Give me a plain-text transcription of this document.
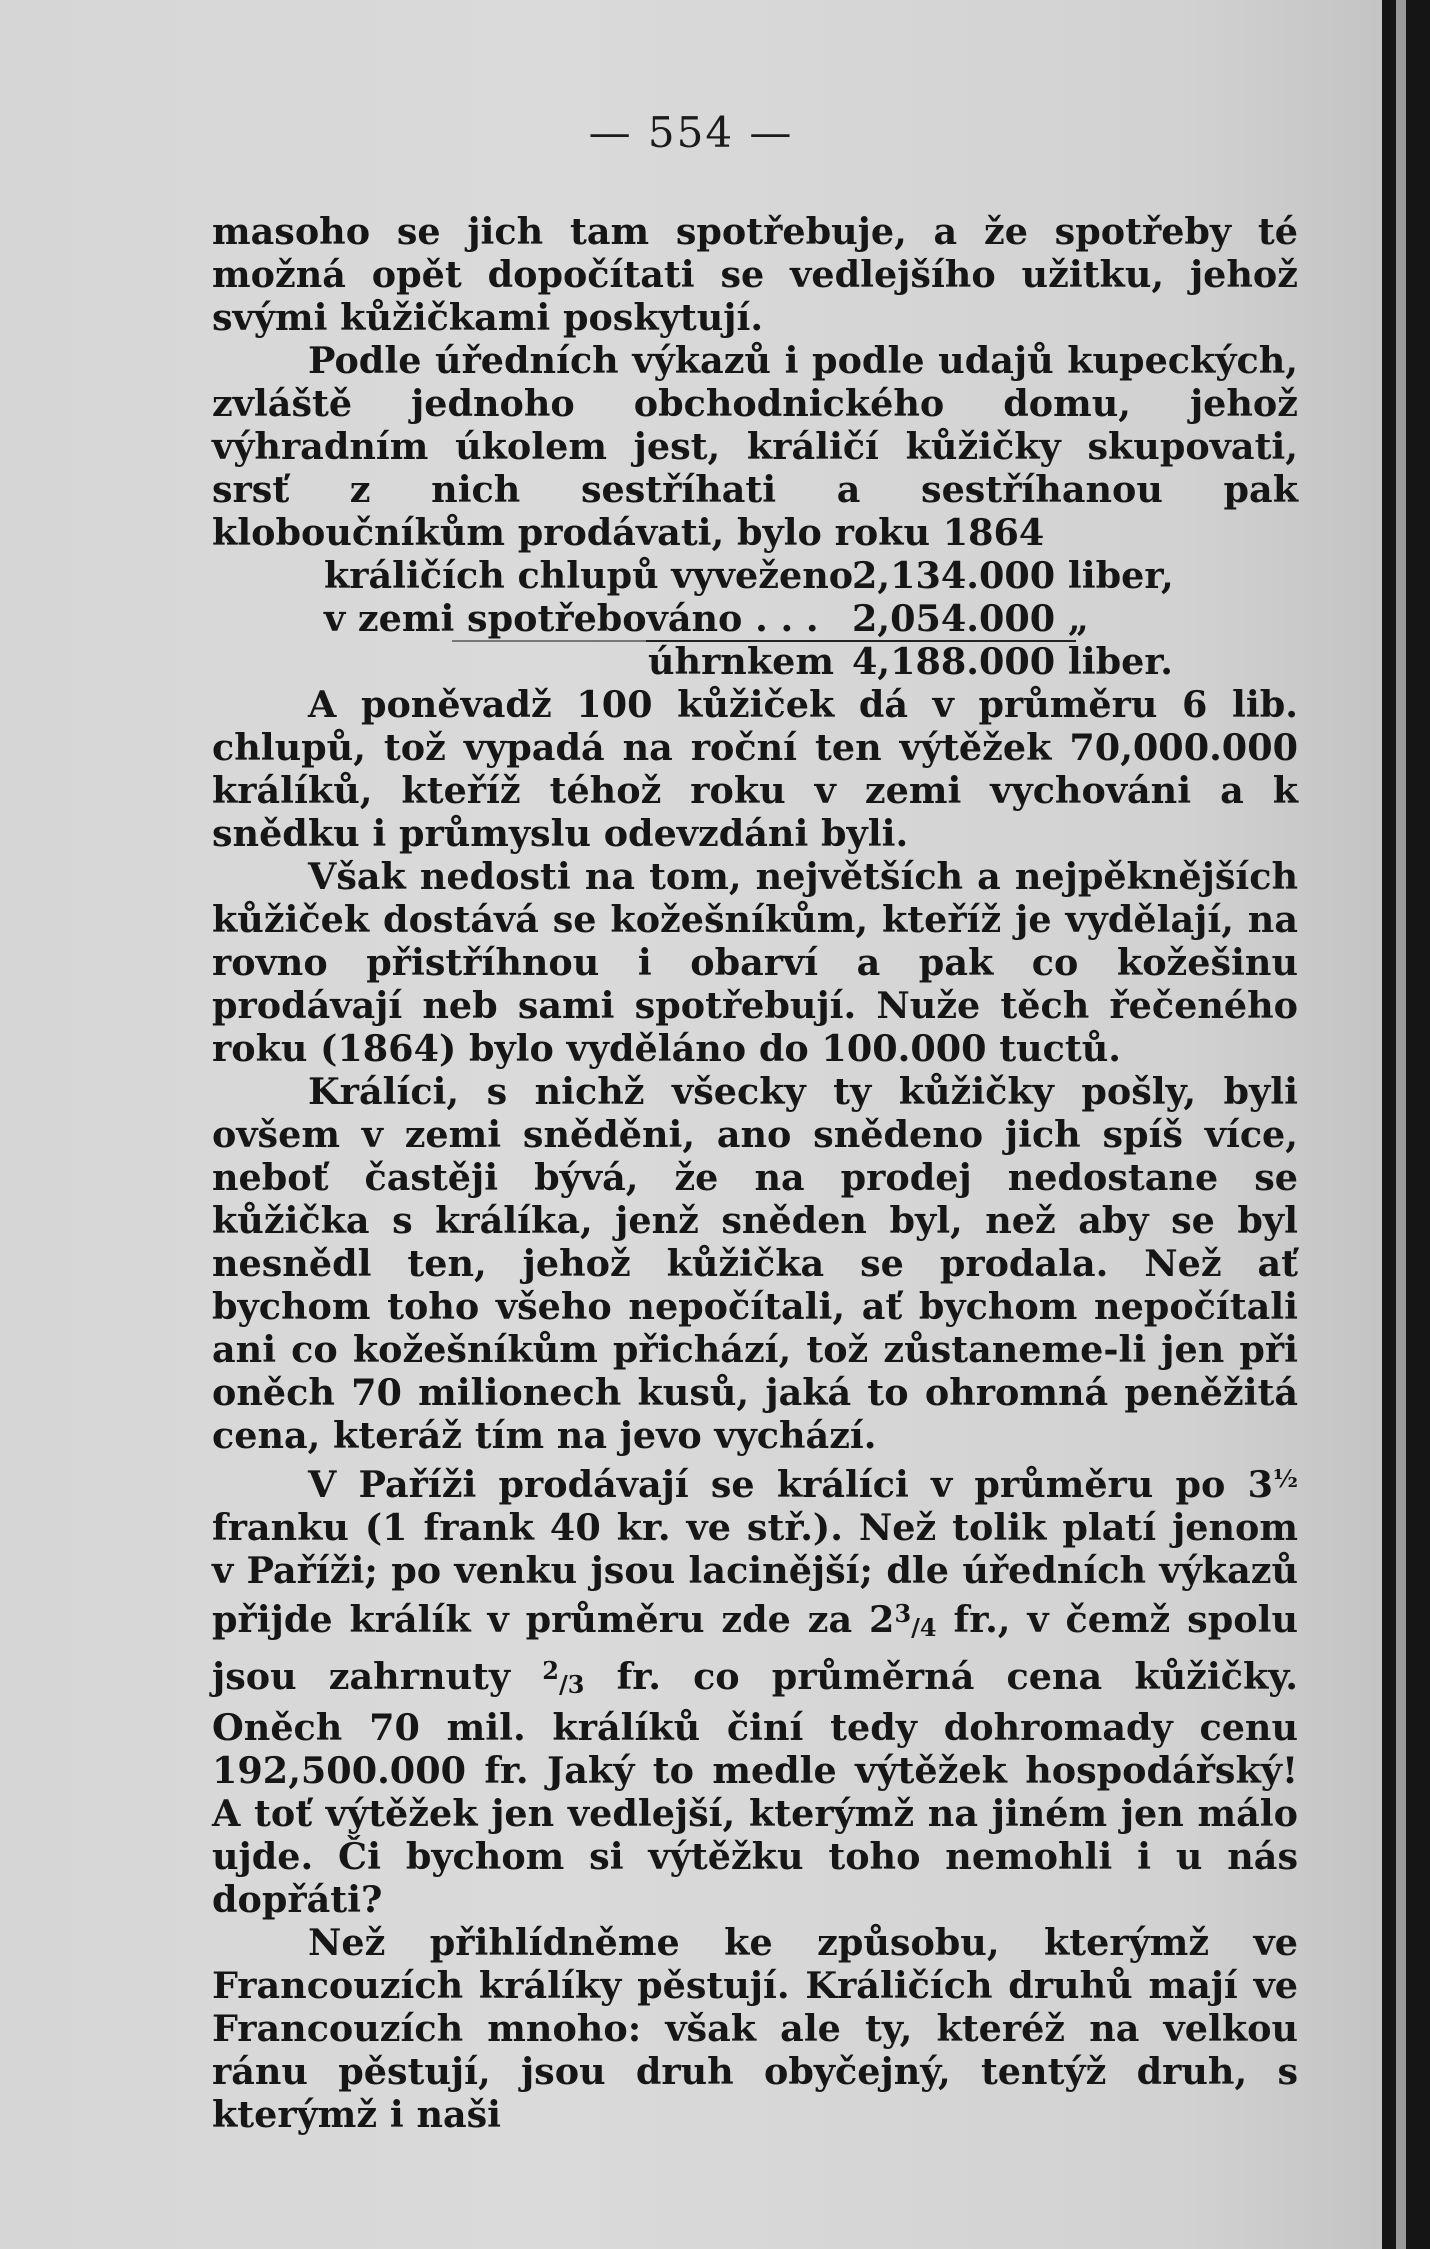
— 554 —

masoho se jich tam spotřebuje, a že spotřeby té možná opět dopočítati se vedlejšího užitku, jehož svými kůžičkami poskytují.

Podle úředních výkazů i podle udajů kupeckých, zvláště jednoho obchodnického domu, jehož výhradním úkolem jest, králičí kůžičky skupovati, srsť z nich sestříhati a sestříhanou pak kloboučníkům prodávati, bylo roku 1864

králičích chlupů vyveženo
2,134.000 liber,
v zemi spotřebováno . . . 2,054.000 „
úhrnkem 4,188.000 liber.

A poněvadž 100 kůžiček dá v průměru 6 lib. chlupů, tož vypadá na roční ten výtěžek 70,000.000 králíků, kteříž téhož roku v zemi vychováni a k snědku i průmyslu odevzdáni byli.

Však nedosti na tom, největších a nejpěknějších kůžiček dostává se kožešníkům, kteříž je vydělají, na rovno přistříhnou i obarví a pak co kožešinu prodávají neb sami spotřebují. Nuže těch řečeného roku (1864) bylo vyděláno do 100.000 tuctů.

Králíci, s nichž všecky ty kůžičky pošly, byli ovšem v zemi sněděni, ano snědeno jich spíš více, neboť častěji bývá, že na prodej nedostane se kůžička s králíka, jenž sněden byl, než aby se byl nesnědl ten, jehož kůžička se prodala. Než ať bychom toho všeho nepočítali, ať bychom nepočítali ani co kožešníkům přichází, tož zůstaneme-li jen při oněch 70 milionech kusů, jaká to ohromná peněžitá cena, kteráž tím na jevo vychází.

V Paříži prodávají se králíci v průměru po $3^{\frac{1}{2}}$ franku (1 frank 40 kr. ve stř.). Než tolik platí jenom v Paříži; po venku jsou lacinější; dle úředních výkazů přijde králík v průměru zde za $2^3/4$ fr., v čemž spolu jsou zahrnuty $^2$/3 fr. co průměrná cena kůžičky. Oněch 70 mil. králíků činí tedy dohromady cenu 192,500.000 fr. Jaký to medle výtěžek hospodářský! A toť výtěžek jen vedlejší, kterýmž na jiném jen málo ujde. Či bychom si výtěžku toho nemohli i u nás dopřáti?

Než přihlídněme ke způsobu, kterýmž ve Francouzích králíky pěstují. Králičích druhů mají ve Francouzích mnoho: však ale ty, kteréž na velkou ránu pěstují, jsou druh obyčejný, tentýž druh, s kterýmž i naši
